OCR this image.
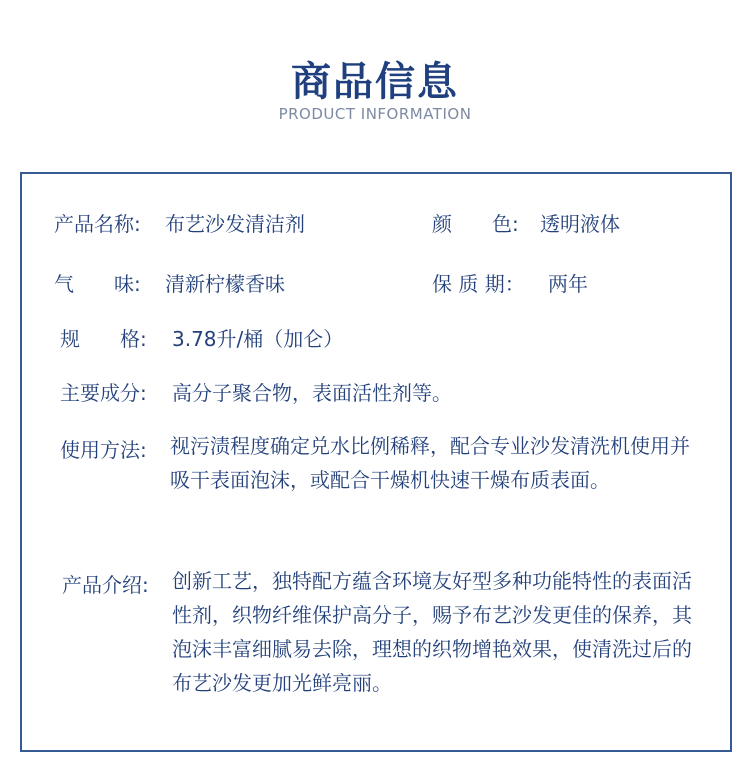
商品信息
PRODUCT INFORMATION
产品名称: 布艺沙发清洁剂	颜　　色: 透明液体
气　　味: 清新柠檬香味	保 质 期： 两年
规　　格: 3.78升/桶（加仑）
主要成分: 高分子聚合物，表面活性剂等。
使用方法: 视污渍程度确定兑水比例稀释，配合专业沙发清洗机使用并吸干表面泡沫，或配合干燥机快速干燥布质表面。
产品介绍: 创新工艺，独特配方蕴含环境友好型多种功能特性的表面活性剂，织物纤维保护高分子，赐予布艺沙发更佳的保养，其泡沫丰富细腻易去除，理想的织物增艳效果，使清洗过后的布艺沙发更加光鲜亮丽。
